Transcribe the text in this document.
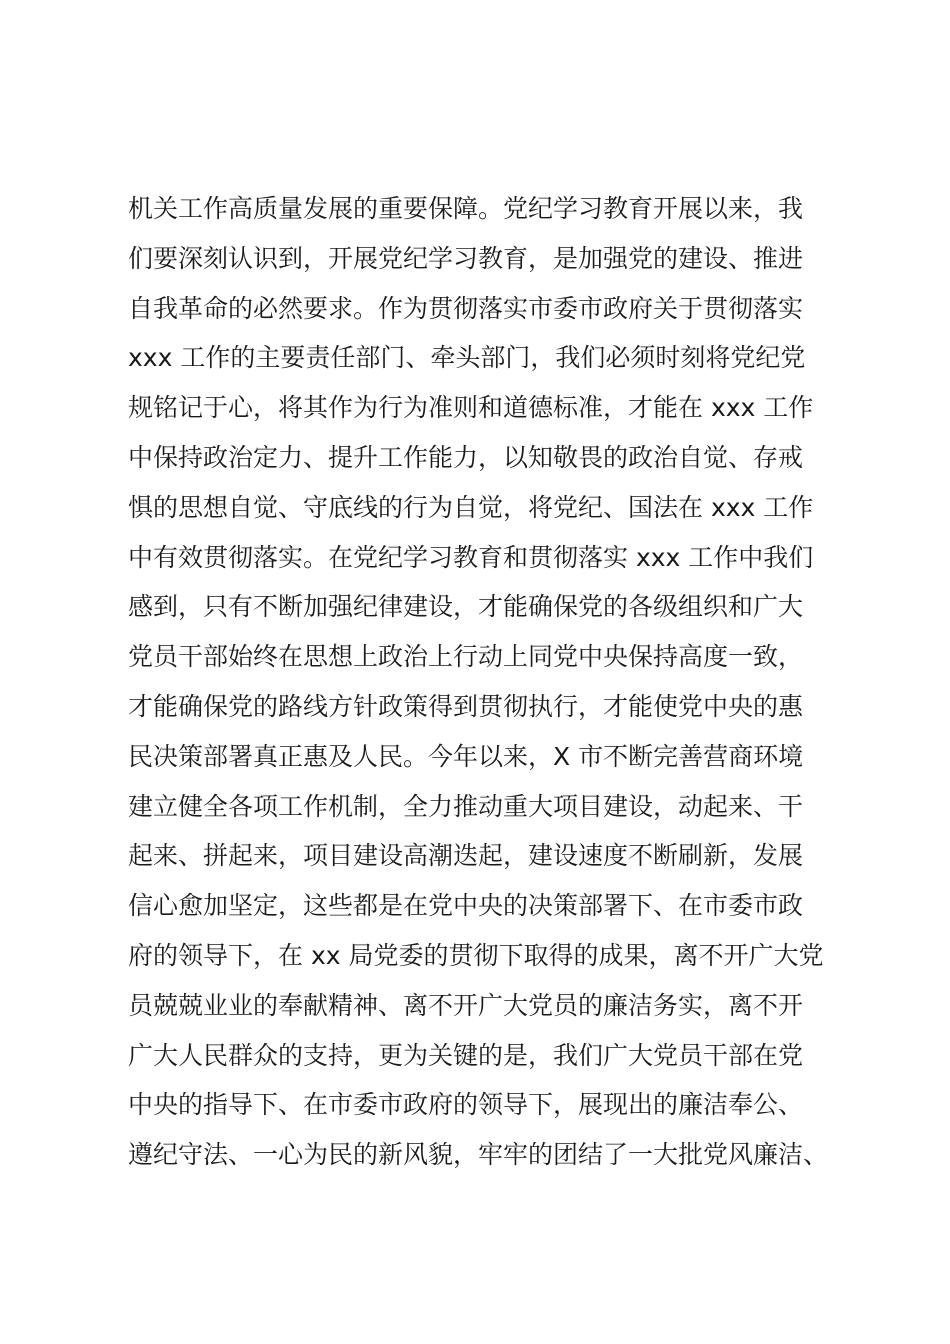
机关工作高质量发展的重要保障。党纪学习教育开展以来，我
们要深刻认识到，开展党纪学习教育，是加强党的建设、推进
自我革命的必然要求。作为贯彻落实市委市政府关于贯彻落实
xxx 工作的主要责任部门、牵头部门，我们必须时刻将党纪党
规铭记于心，将其作为行为准则和道德标准，才能在 xxx 工作
中保持政治定力、提升工作能力，以知敬畏的政治自觉、存戒
惧的思想自觉、守底线的行为自觉，将党纪、国法在 xxx 工作
中有效贯彻落实。在党纪学习教育和贯彻落实 xxx 工作中我们
感到，只有不断加强纪律建设，才能确保党的各级组织和广大
党员干部始终在思想上政治上行动上同党中央保持高度一致，
才能确保党的路线方针政策得到贯彻执行，才能使党中央的惠
民决策部署真正惠及人民。今年以来，X 市不断完善营商环境
建立健全各项工作机制，全力推动重大项目建设，动起来、干
起来、拼起来，项目建设高潮迭起，建设速度不断刷新，发展
信心愈加坚定，这些都是在党中央的决策部署下、在市委市政
府的领导下，在 xx 局党委的贯彻下取得的成果，离不开广大党
员兢兢业业的奉献精神、离不开广大党员的廉洁务实，离不开
广大人民群众的支持，更为关键的是，我们广大党员干部在党
中央的指导下、在市委市政府的领导下，展现出的廉洁奉公、
遵纪守法、一心为民的新风貌，牢牢的团结了一大批党风廉洁、
